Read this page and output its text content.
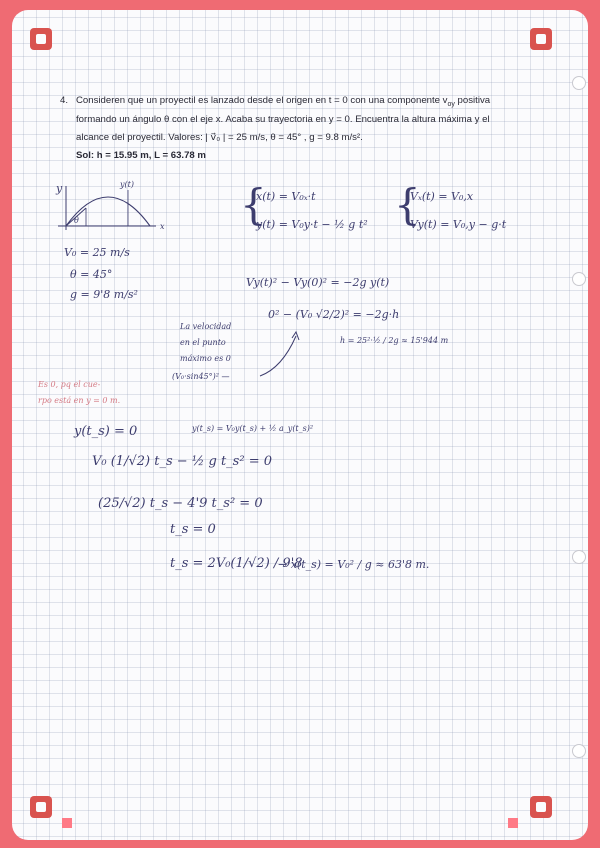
4. Consideren que un proyectil es lanzado desde el origen en t = 0 con una componente $v_{oy}$ positiva
formando un ángulo θ con el eje x. Acaba su trayectoria en y = 0. Encuentra la altura máxima y el
alcance del proyectil. Valores: | v⃗₀ | = 25 m/s, θ = 45° , g = 9.8 m/s².
Sol: h = 15.95 m, L = 63.78 m
y	y(t)
x
θ
V₀ = 25 m/s
θ = 45°
g = 9'8 m/s²
{
x(t) = V₀ₓ·t
y(t) = V₀y·t − ½ g t² {
Vₓ(t) = V₀,x
Vy(t) = V₀,y − g·t
Vy(t)² − Vy(0)² = −2g y(t)
0² − (V₀ √2/2)² = −2g·h
h = 25²·½ / 2g ≈ 15'944 m
La velocidad
en el punto
máximo es 0
(V₀·sin45°)² —
Es 0, pq el cue-
rpo está en y = 0 m.
y(t_s) = 0	y(t_s) = V₀y(t_s) + ½ a_y(t_s)²
V₀ (1/√2) t_s − ½ g t_s² = 0
(25/√2) t_s − 4'9 t_s² = 0
t_s = 0
t_s = 2V₀(1/√2) / 9'8
→ x(t_s) = V₀² / g ≈ 63'8 m.
